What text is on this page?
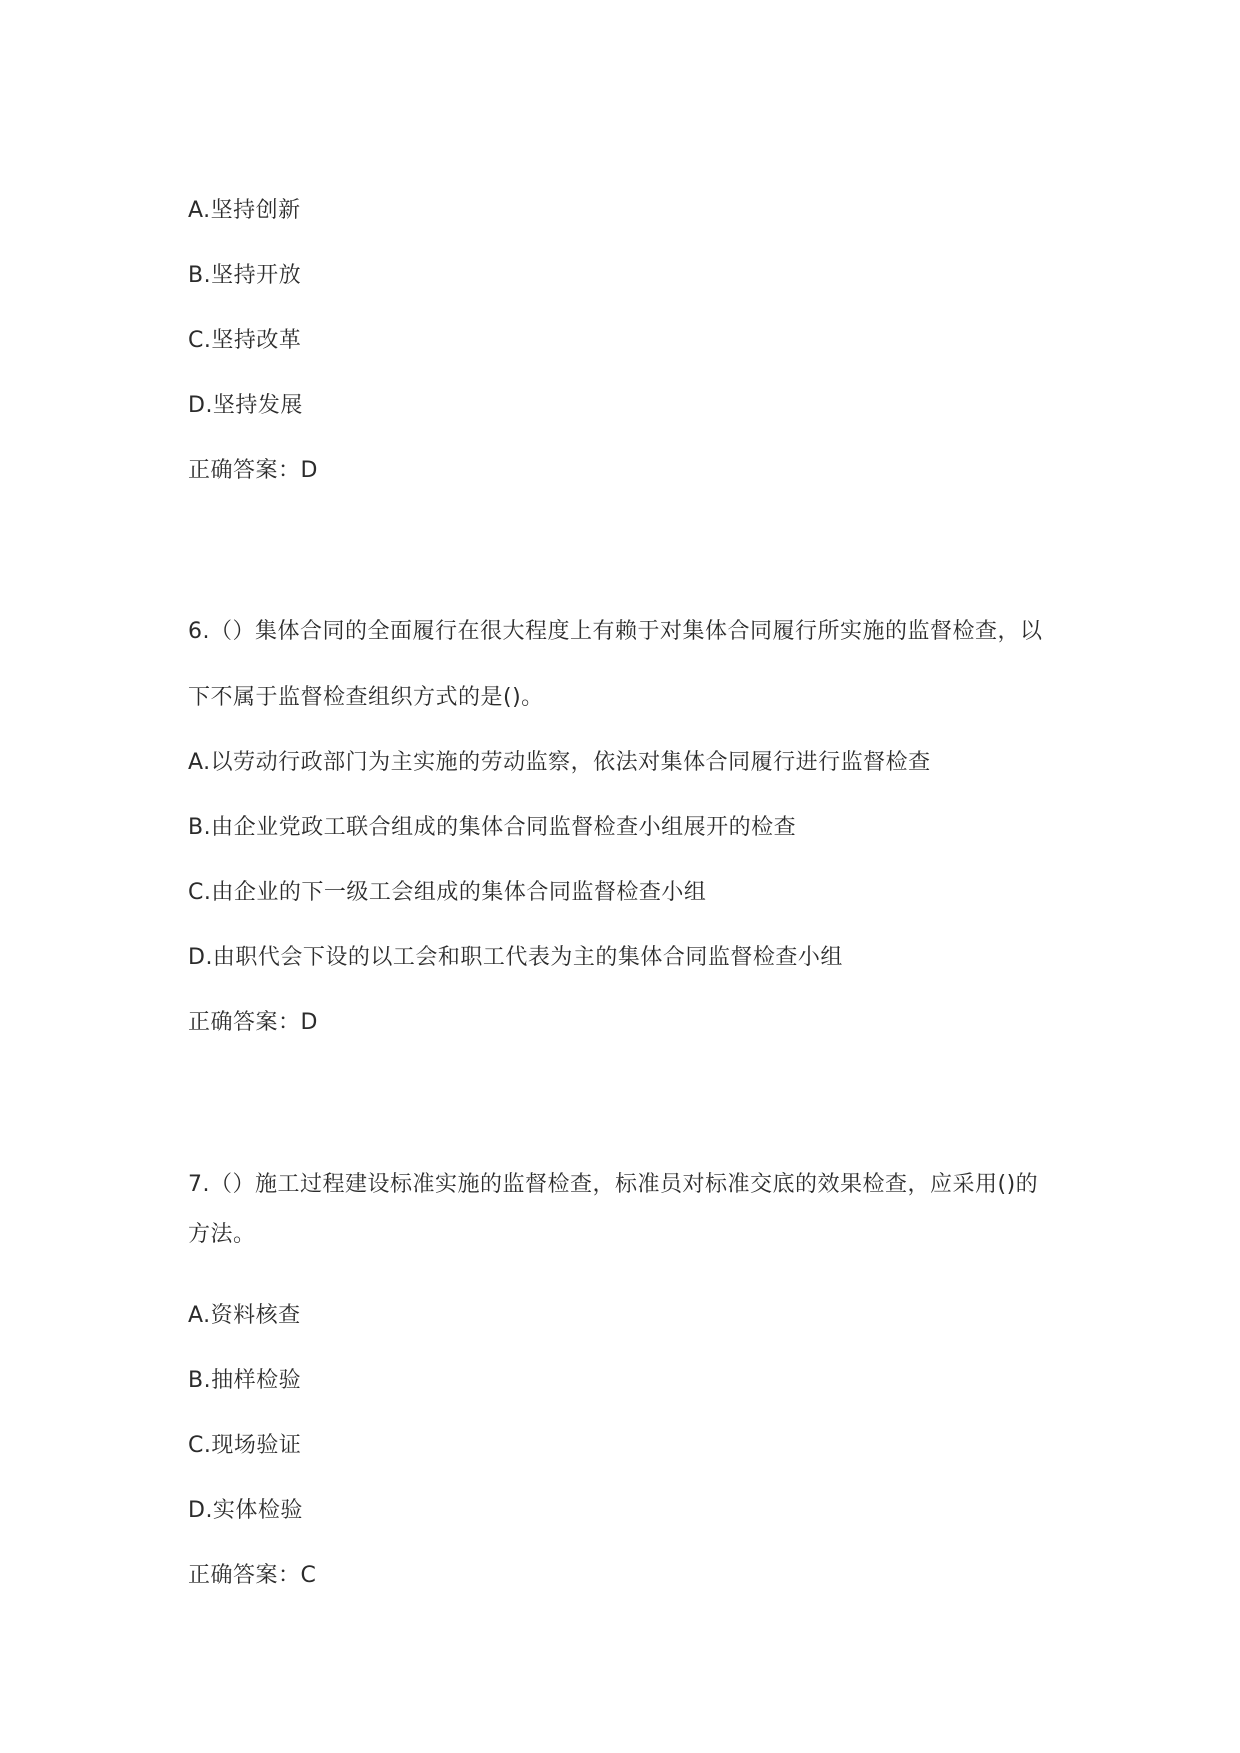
A.坚持创新
B.坚持开放
C.坚持改革
D.坚持发展
正确答案：D
6.（）集体合同的全面履行在很大程度上有赖于对集体合同履行所实施的监督检查，以
下不属于监督检查组织方式的是()。
A.以劳动行政部门为主实施的劳动监察，依法对集体合同履行进行监督检查
B.由企业党政工联合组成的集体合同监督检查小组展开的检查
C.由企业的下一级工会组成的集体合同监督检查小组
D.由职代会下设的以工会和职工代表为主的集体合同监督检查小组
正确答案：D
7.（）施工过程建设标准实施的监督检查，标准员对标准交底的效果检查，应采用()的
方法。
A.资料核查
B.抽样检验
C.现场验证
D.实体检验
正确答案：C
